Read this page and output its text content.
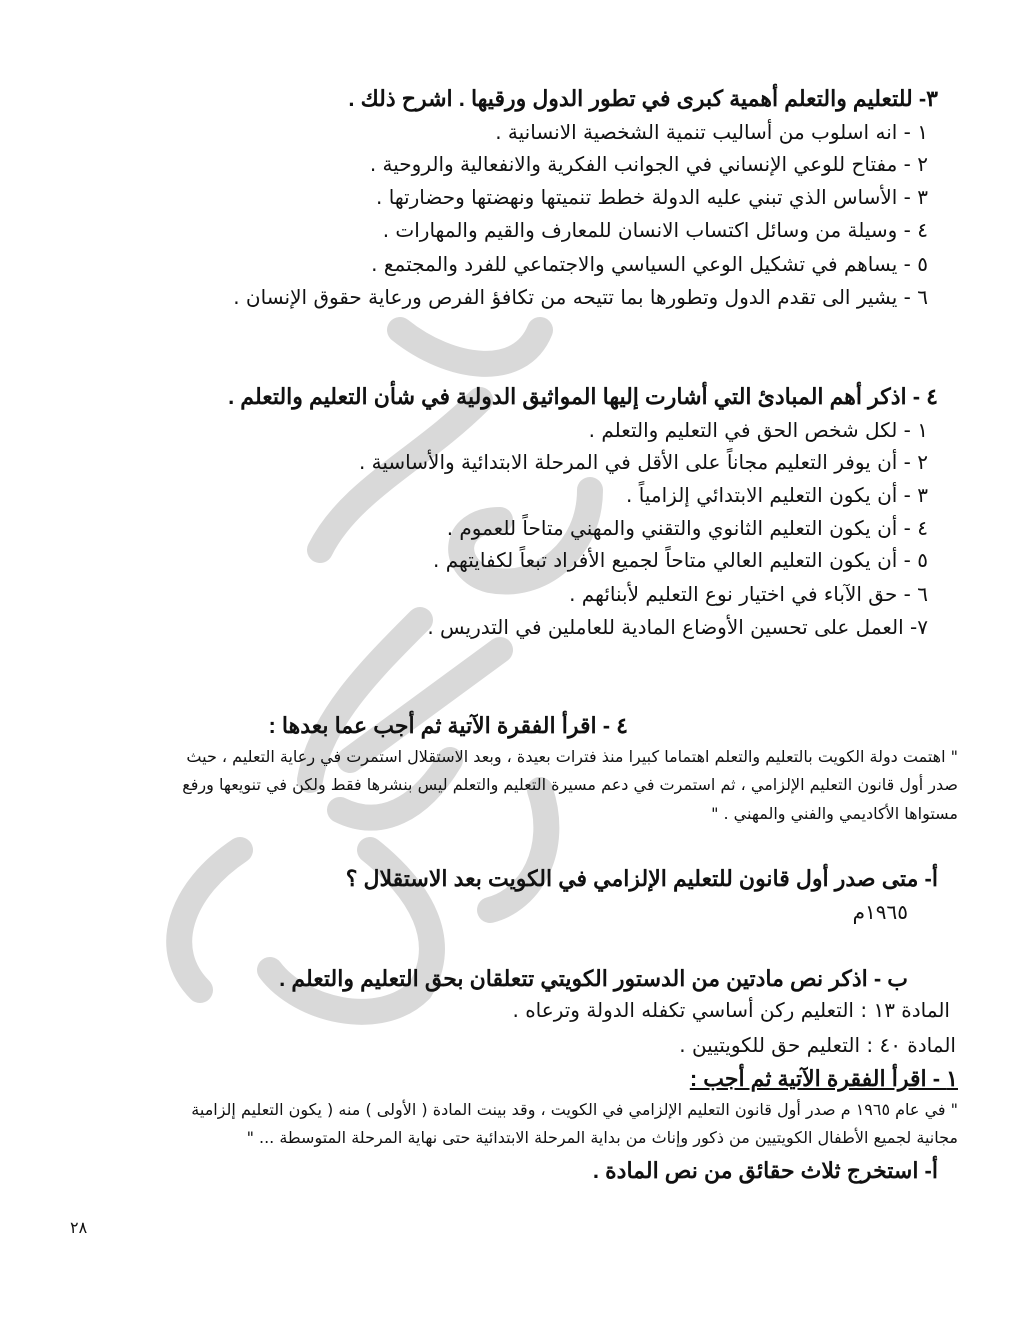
٣- للتعليم والتعلم أهمية كبرى في تطور الدول ورقيها . اشرح ذلك .
١ - انه اسلوب من أساليب تنمية الشخصية الانسانية .
٢ - مفتاح للوعي الإنساني في الجوانب الفكرية والانفعالية والروحية .
٣ - الأساس الذي تبني عليه الدولة خطط تنميتها ونهضتها وحضارتها .
٤ - وسيلة من وسائل اكتساب الانسان للمعارف والقيم والمهارات .
٥ - يساهم في تشكيل الوعي السياسي والاجتماعي للفرد والمجتمع .
٦ - يشير الى تقدم الدول وتطورها بما تتيحه من تكافؤ الفرص ورعاية حقوق الإنسان .
٤ - اذكر أهم المبادئ التي أشارت إليها المواثيق الدولية في شأن التعليم والتعلم .
١ - لكل شخص الحق في التعليم والتعلم .
٢ - أن يوفر التعليم مجاناً على الأقل في المرحلة الابتدائية والأساسية .
٣ - أن يكون التعليم الابتدائي إلزامياً .
٤ - أن يكون التعليم الثانوي والتقني والمهني متاحاً للعموم .
٥ - أن يكون التعليم العالي متاحاً لجميع الأفراد تبعاً لكفايتهم .
٦ - حق الآباء في اختيار نوع التعليم لأبنائهم .
٧- العمل على تحسين الأوضاع المادية للعاملين في التدريس .
٤ - اقرأ الفقرة الآتية ثم أجب عما بعدها :
" اهتمت دولة الكويت بالتعليم والتعلم اهتماما كبيرا منذ فترات بعيدة ، وبعد الاستقلال استمرت في رعاية التعليم ، حيث
صدر أول قانون التعليم الإلزامي ، ثم استمرت في دعم مسيرة التعليم والتعلم ليس بنشرها فقط ولكن في تنويعها ورفع
مستواها الأكاديمي والفني والمهني . "
أ- متى صدر أول قانون للتعليم الإلزامي في الكويت بعد الاستقلال ؟
١٩٦٥م
ب - اذكر نص مادتين من الدستور الكويتي تتعلقان بحق التعليم والتعلم .
المادة ١٣ : التعليم ركن أساسي تكفله الدولة وترعاه .
المادة ٤٠ : التعليم حق للكويتيين .
١ - اقرأ الفقرة الآتية ثم أجب :
" في عام ١٩٦٥ م صدر أول قانون التعليم الإلزامي في الكويت ، وقد بينت المادة ( الأولى ) منه ( يكون التعليم إلزامية
مجانية لجميع الأطفال الكويتيين من ذكور وإناث من بداية المرحلة الابتدائية حتى نهاية المرحلة المتوسطة ... "
أ- استخرج ثلاث حقائق من نص المادة .
٢٨
